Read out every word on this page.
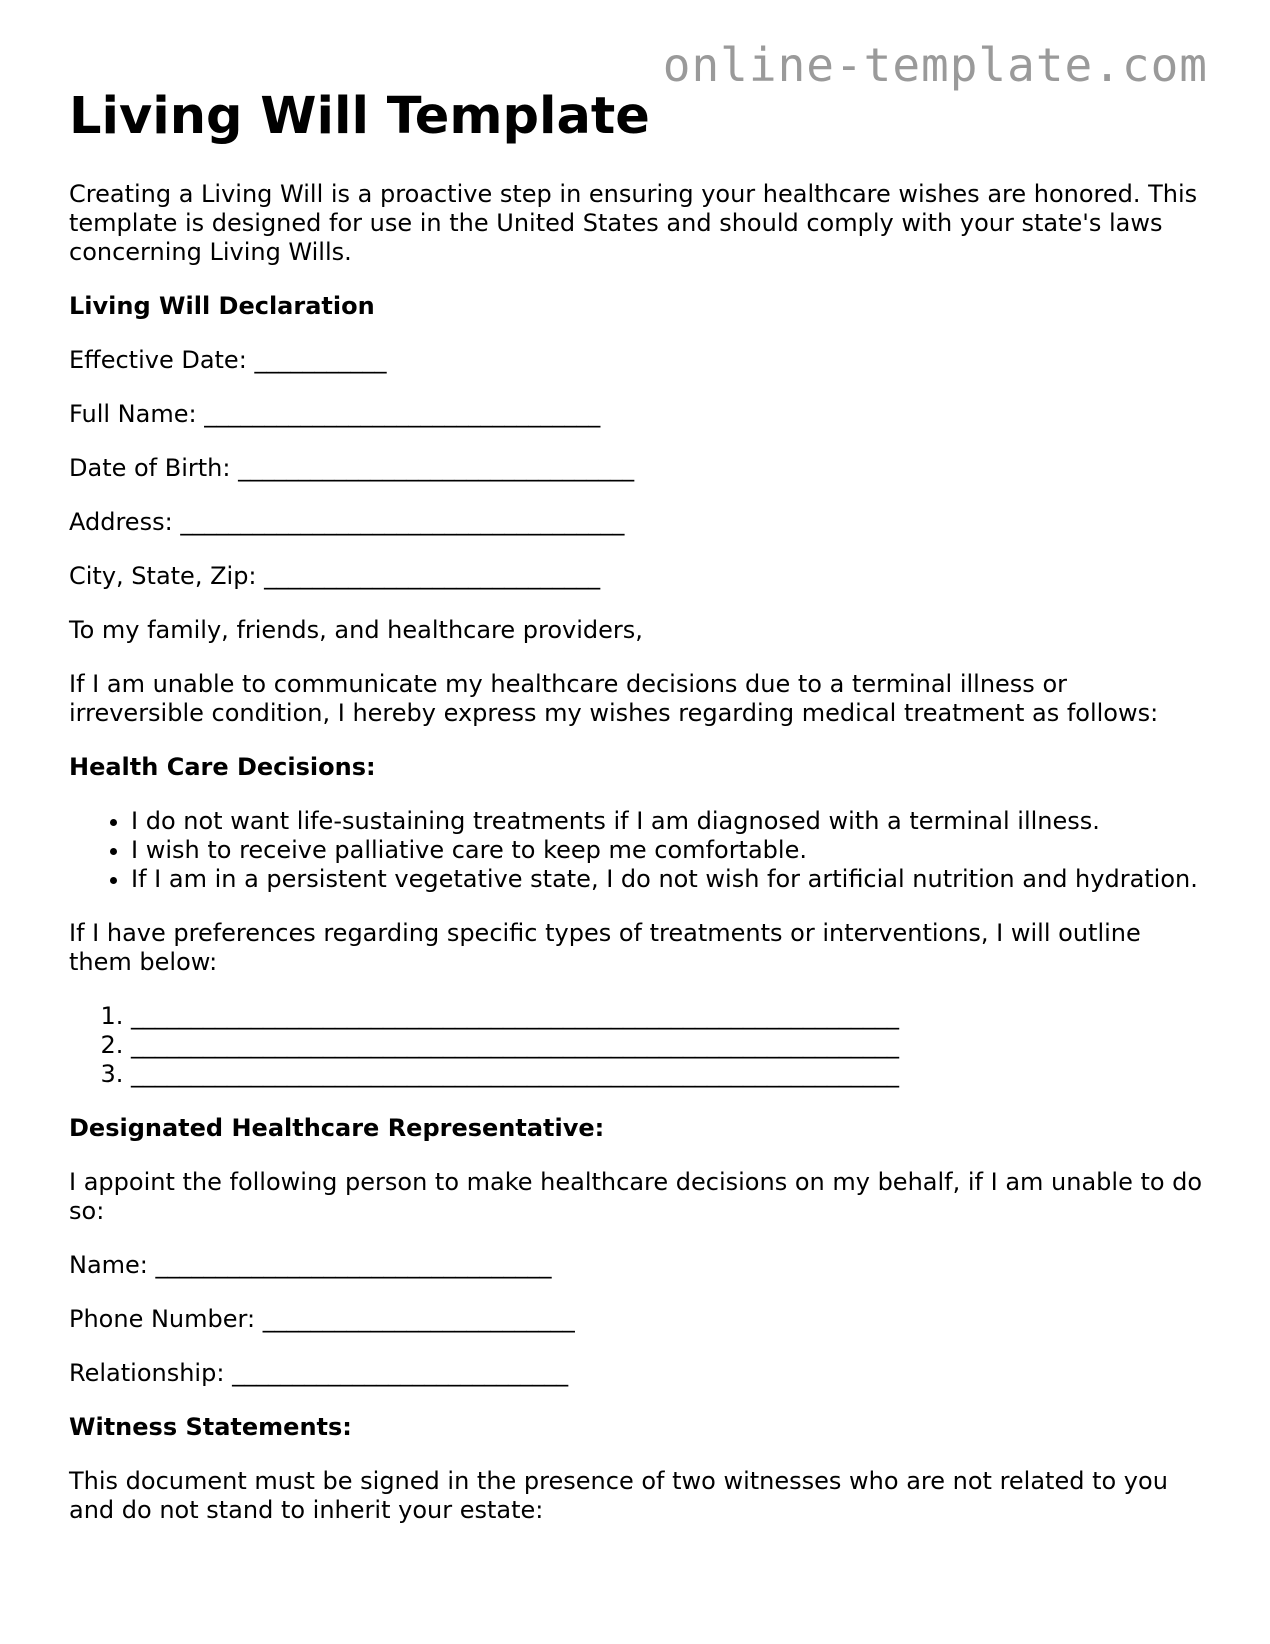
online-template.com
Living Will Template

Creating a Living Will is a proactive step in ensuring your healthcare wishes are honored. This template is designed for use in the United States and should comply with your state's laws concerning Living Wills.

Living Will Declaration

Effective Date: ___________

Full Name: _________________________________

Date of Birth: _________________________________

Address: _____________________________________

City, State, Zip: ____________________________

To my family, friends, and healthcare providers,

If I am unable to communicate my healthcare decisions due to a terminal illness or irreversible condition, I hereby express my wishes regarding medical treatment as follows:

Health Care Decisions:
• I do not want life-sustaining treatments if I am diagnosed with a terminal illness.
• I wish to receive palliative care to keep me comfortable.
• If I am in a persistent vegetative state, I do not wish for artificial nutrition and hydration.

If I have preferences regarding specific types of treatments or interventions, I will outline them below:

1. ________________________________________________________________
2. ________________________________________________________________
3. ________________________________________________________________
Designated Healthcare Representative:

I appoint the following person to make healthcare decisions on my behalf, if I am unable to do so:

Name: _________________________________

Phone Number: __________________________

Relationship: ____________________________

Witness Statements:

This document must be signed in the presence of two witnesses who are not related to you and do not stand to inherit your estate:
